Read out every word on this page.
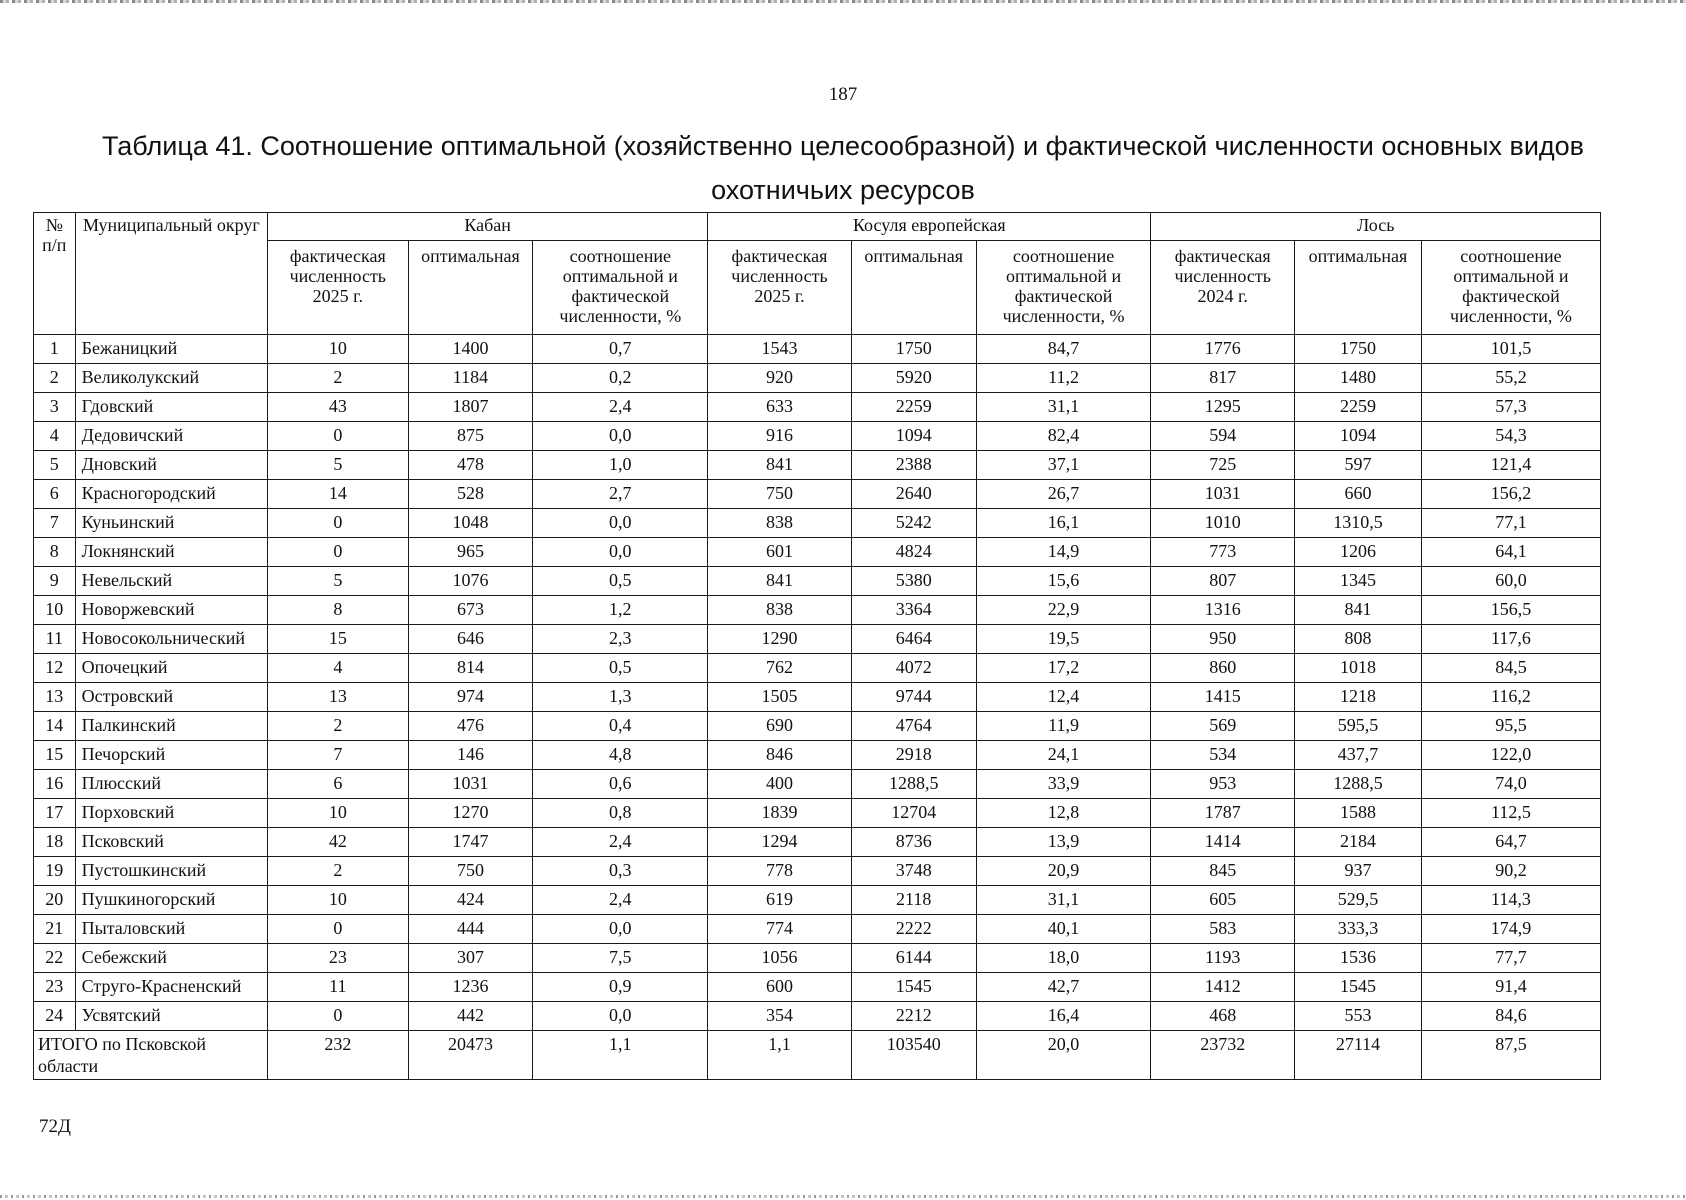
187
Таблица 41. Соотношение оптимальной (хозяйственно целесообразной) и фактической численности основных видов
охотничьих ресурсов
№ п/п	Муниципальный округ	Кабан			Косуля европейская			Лось		
		фактическая численность 2025 г.	оптимальная	соотношение оптимальной и фактической численности, %	фактическая численность 2025 г.	оптимальная	соотношение оптимальной и фактической численности, %	фактическая численность 2024 г.	оптимальная	соотношение оптимальной и фактической численности, %
1	Бежаницкий	10	1400	0,7	1543	1750	84,7	1776	1750	101,5
2	Великолукский	2	1184	0,2	920	5920	11,2	817	1480	55,2
3	Гдовский	43	1807	2,4	633	2259	31,1	1295	2259	57,3
4	Дедовичский	0	875	0,0	916	1094	82,4	594	1094	54,3
5	Дновский	5	478	1,0	841	2388	37,1	725	597	121,4
6	Красногородский	14	528	2,7	750	2640	26,7	1031	660	156,2
7	Куньинский	0	1048	0,0	838	5242	16,1	1010	1310,5	77,1
8	Локнянский	0	965	0,0	601	4824	14,9	773	1206	64,1
9	Невельский	5	1076	0,5	841	5380	15,6	807	1345	60,0
10	Новоржевский	8	673	1,2	838	3364	22,9	1316	841	156,5
11	Новосокольнический	15	646	2,3	1290	6464	19,5	950	808	117,6
12	Опочецкий	4	814	0,5	762	4072	17,2	860	1018	84,5
13	Островский	13	974	1,3	1505	9744	12,4	1415	1218	116,2
14	Палкинский	2	476	0,4	690	4764	11,9	569	595,5	95,5
15	Печорский	7	146	4,8	846	2918	24,1	534	437,7	122,0
16	Плюсский	6	1031	0,6	400	1288,5	33,9	953	1288,5	74,0
17	Порховский	10	1270	0,8	1839	12704	12,8	1787	1588	112,5
18	Псковский	42	1747	2,4	1294	8736	13,9	1414	2184	64,7
19	Пустошкинский	2	750	0,3	778	3748	20,9	845	937	90,2
20	Пушкиногорский	10	424	2,4	619	2118	31,1	605	529,5	114,3
21	Пыталовский	0	444	0,0	774	2222	40,1	583	333,3	174,9
22	Себежский	23	307	7,5	1056	6144	18,0	1193	1536	77,7
23	Струго-Красненский	11	1236	0,9	600	1545	42,7	1412	1545	91,4
24	Усвятский	0	442	0,0	354	2212	16,4	468	553	84,6
ИТОГО по Псковской области		232	20473	1,1	1,1	103540	20,0	23732	27114	87,5
72Д
